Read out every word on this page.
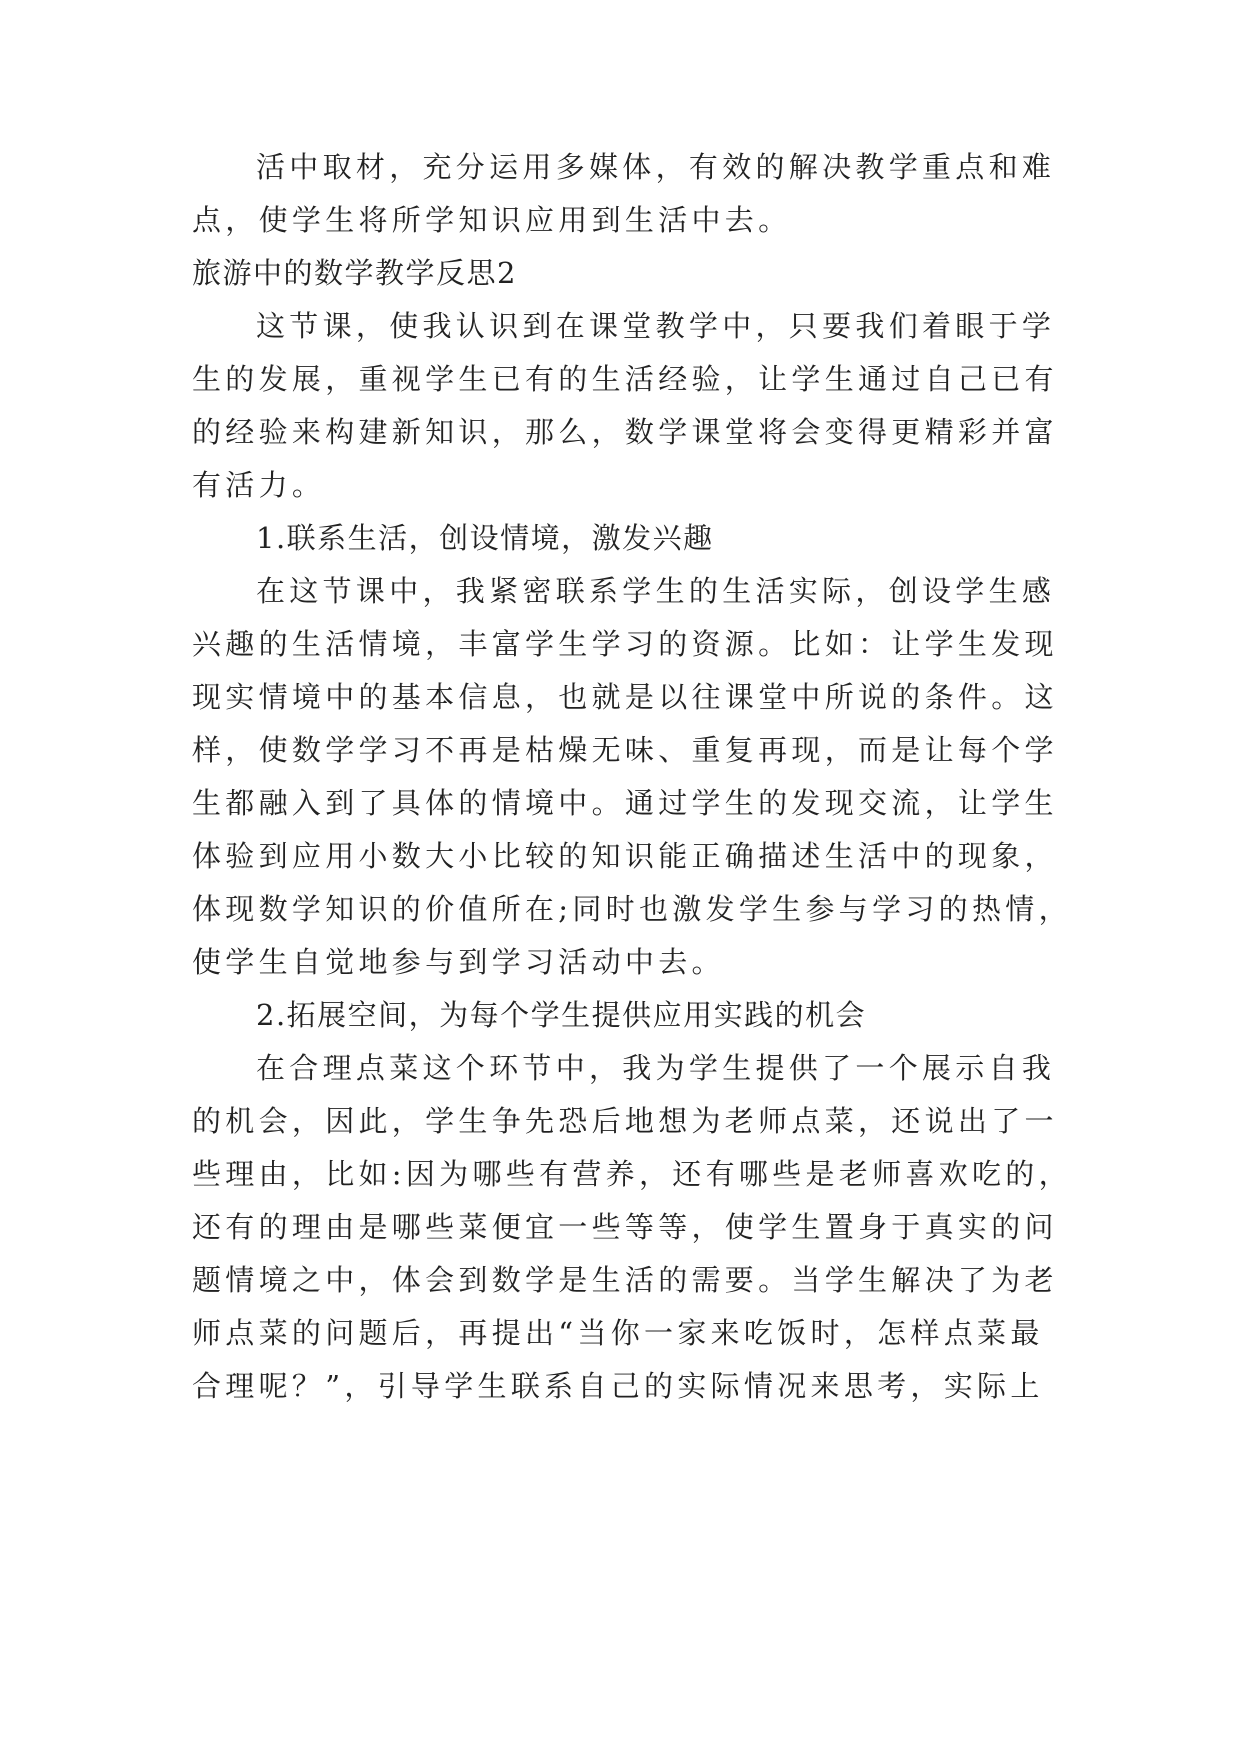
活中取材，充分运用多媒体，有效的解决教学重点和难
点，使学生将所学知识应用到生活中去。
旅游中的数学教学反思2
这节课，使我认识到在课堂教学中，只要我们着眼于学
生的发展，重视学生已有的生活经验，让学生通过自己已有
的经验来构建新知识，那么，数学课堂将会变得更精彩并富
有活力。
1.联系生活，创设情境，激发兴趣
在这节课中，我紧密联系学生的生活实际，创设学生感
兴趣的生活情境，丰富学生学习的资源。比如：让学生发现
现实情境中的基本信息，也就是以往课堂中所说的条件。这
样，使数学学习不再是枯燥无味、重复再现，而是让每个学
生都融入到了具体的情境中。通过学生的发现交流，让学生
体验到应用小数大小比较的知识能正确描述生活中的现象，
体现数学知识的价值所在;同时也激发学生参与学习的热情，
使学生自觉地参与到学习活动中去。
2.拓展空间，为每个学生提供应用实践的机会
在合理点菜这个环节中，我为学生提供了一个展示自我
的机会，因此，学生争先恐后地想为老师点菜，还说出了一
些理由，比如:因为哪些有营养，还有哪些是老师喜欢吃的，
还有的理由是哪些菜便宜一些等等，使学生置身于真实的问
题情境之中，体会到数学是生活的需要。当学生解决了为老
师点菜的问题后，再提出“当你一家来吃饭时，怎样点菜最
合理呢？”，引导学生联系自己的实际情况来思考，实际上
